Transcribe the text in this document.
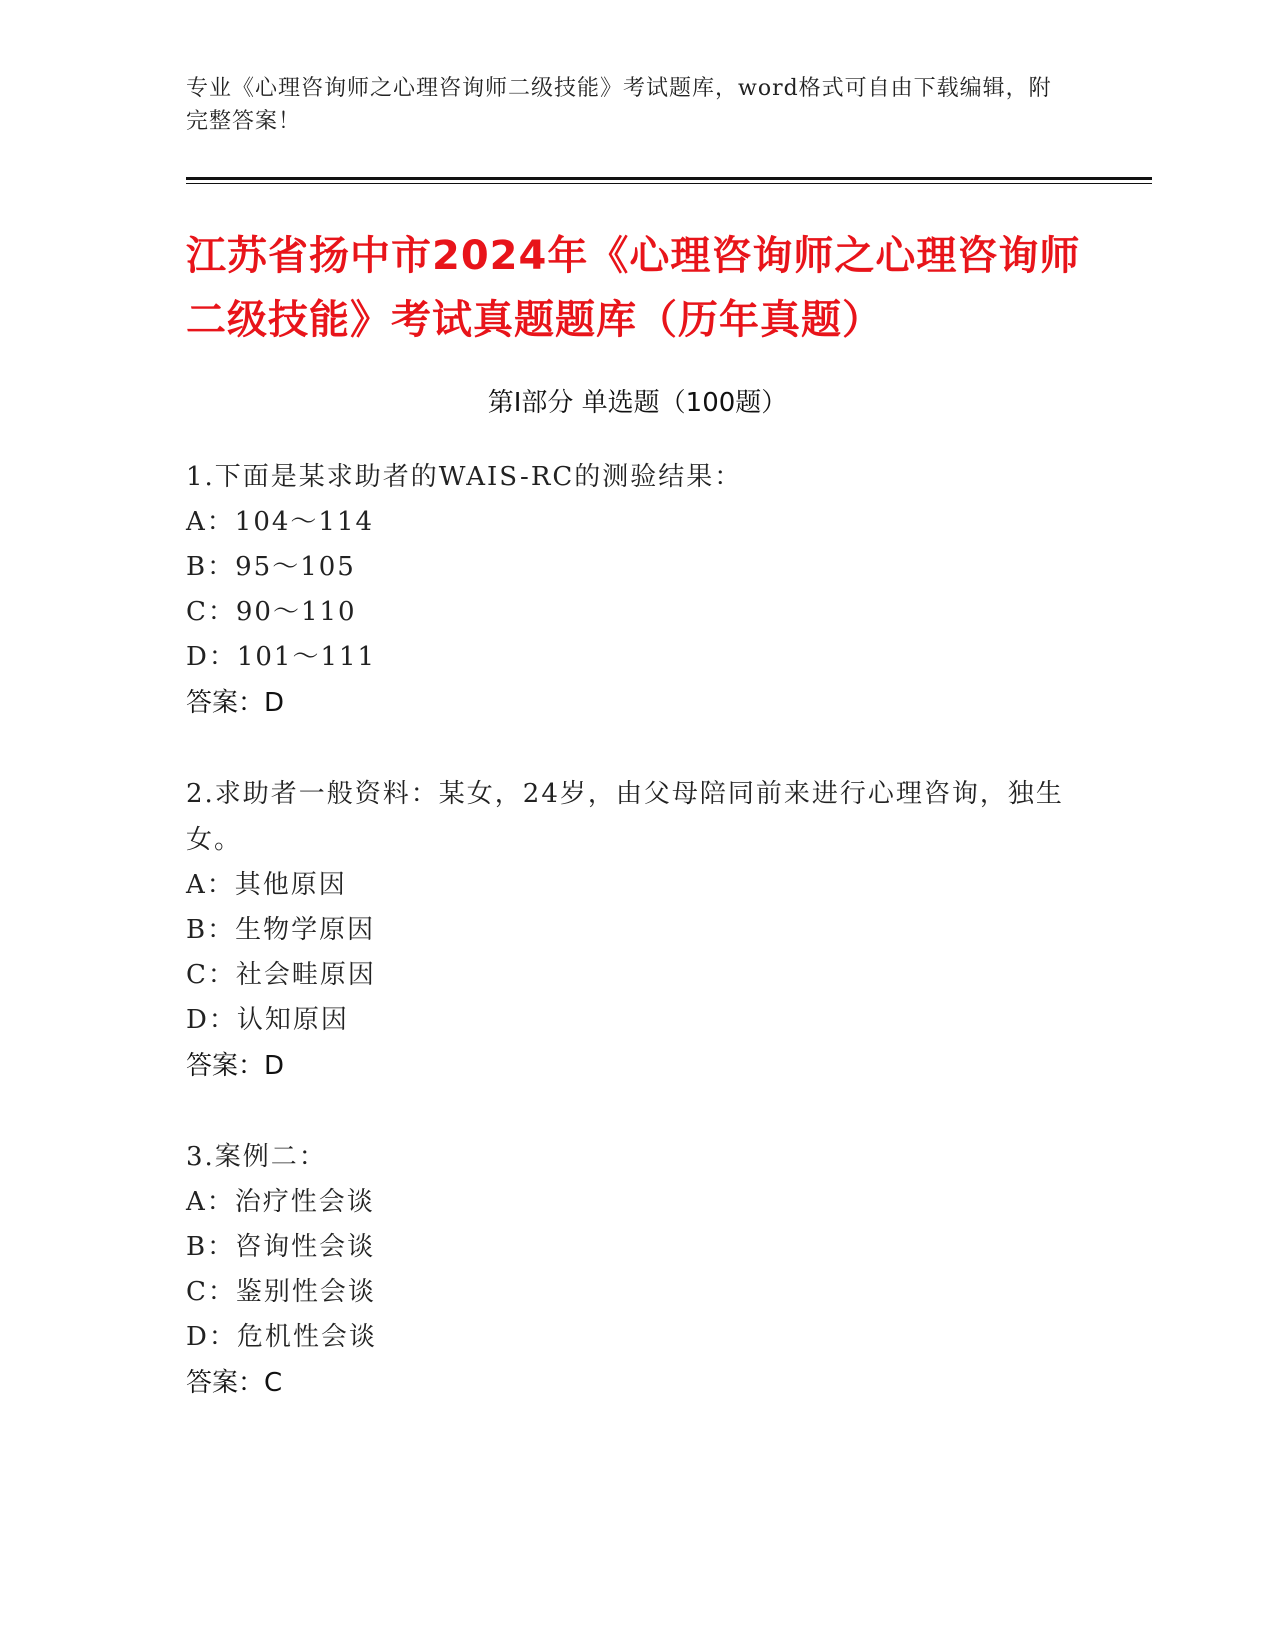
专业《心理咨询师之心理咨询师二级技能》考试题库，word格式可自由下载编辑，附完整答案！
江苏省扬中市2024年《心理咨询师之心理咨询师二级技能》考试真题题库（历年真题）
第I部分 单选题（100题）
1.下面是某求助者的WAIS-RC的测验结果：
A：104～114
B：95～105
C：90～110
D：101～111
答案：D
2.求助者一般资料：某女，24岁，由父母陪同前来进行心理咨询，独生女。
A：其他原因
B：生物学原因
C：社会畦原因
D：认知原因
答案：D
3.案例二：
A：治疗性会谈
B：咨询性会谈
C：鉴别性会谈
D：危机性会谈
答案：C
